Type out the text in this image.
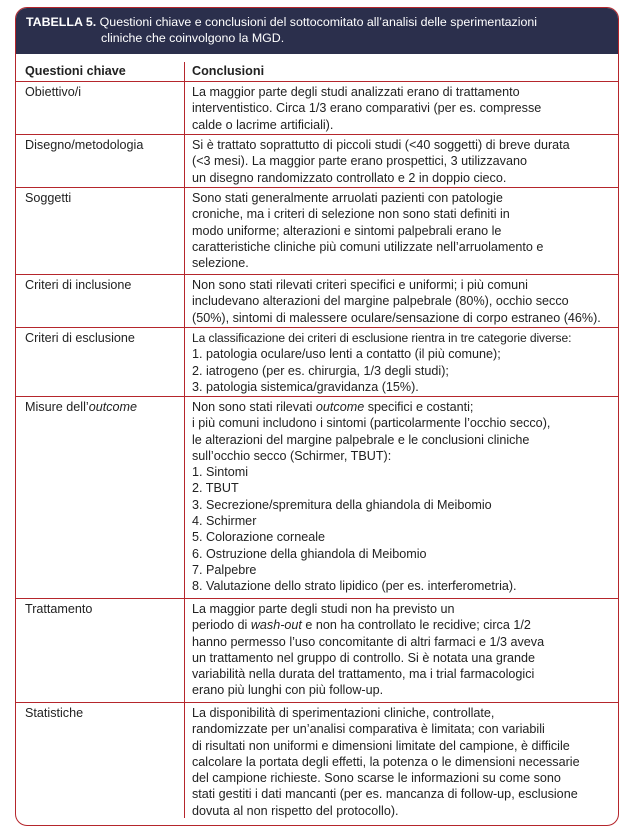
TABELLA 5. Questioni chiave e conclusioni del sottocomitato all’analisi delle sperimentazioni
cliniche che coinvolgono la MGD.
Questioni chiave	Conclusioni
Obiettivo/i	La maggior parte degli studi analizzati erano di trattamento
interventistico. Circa 1/3 erano comparativi (per es. compresse
calde o lacrime artificiali).
Disegno/metodologia	Si è trattato soprattutto di piccoli studi (<40 soggetti) di breve durata
(<3 mesi). La maggior parte erano prospettici, 3 utilizzavano
un disegno randomizzato controllato e 2 in doppio cieco.
Soggetti	Sono stati generalmente arruolati pazienti con patologie
croniche, ma i criteri di selezione non sono stati definiti in
modo uniforme; alterazioni e sintomi palpebrali erano le
caratteristiche cliniche più comuni utilizzate nell’arruolamento e
selezione.
Criteri di inclusione	Non sono stati rilevati criteri specifici e uniformi; i più comuni
includevano alterazioni del margine palpebrale (80%), occhio secco
(50%), sintomi di malessere oculare/sensazione di corpo estraneo (46%).
Criteri di esclusione	La classificazione dei criteri di esclusione rientra in tre categorie diverse:
1. patologia oculare/uso lenti a contatto (il più comune);
2. iatrogeno (per es. chirurgia, 1/3 degli studi);
3. patologia sistemica/gravidanza (15%).
Misure dell’outcome	Non sono stati rilevati outcome specifici e costanti;
i più comuni includono i sintomi (particolarmente l’occhio secco),
le alterazioni del margine palpebrale e le conclusioni cliniche
sull’occhio secco (Schirmer, TBUT):
1. Sintomi
2. TBUT
3. Secrezione/spremitura della ghiandola di Meibomio
4. Schirmer
5. Colorazione corneale
6. Ostruzione della ghiandola di Meibomio
7. Palpebre
8. Valutazione dello strato lipidico (per es. interferometria).
Trattamento	La maggior parte degli studi non ha previsto un
periodo di wash-out e non ha controllato le recidive; circa 1/2
hanno permesso l’uso concomitante di altri farmaci e 1/3 aveva
un trattamento nel gruppo di controllo. Si è notata una grande
variabilità nella durata del trattamento, ma i trial farmacologici
erano più lunghi con più follow-up.
Statistiche	La disponibilità di sperimentazioni cliniche, controllate,
randomizzate per un’analisi comparativa è limitata; con variabili
di risultati non uniformi e dimensioni limitate del campione, è difficile
calcolare la portata degli effetti, la potenza o le dimensioni necessarie
del campione richieste. Sono scarse le informazioni su come sono
stati gestiti i dati mancanti (per es. mancanza di follow-up, esclusione
dovuta al non rispetto del protocollo).
